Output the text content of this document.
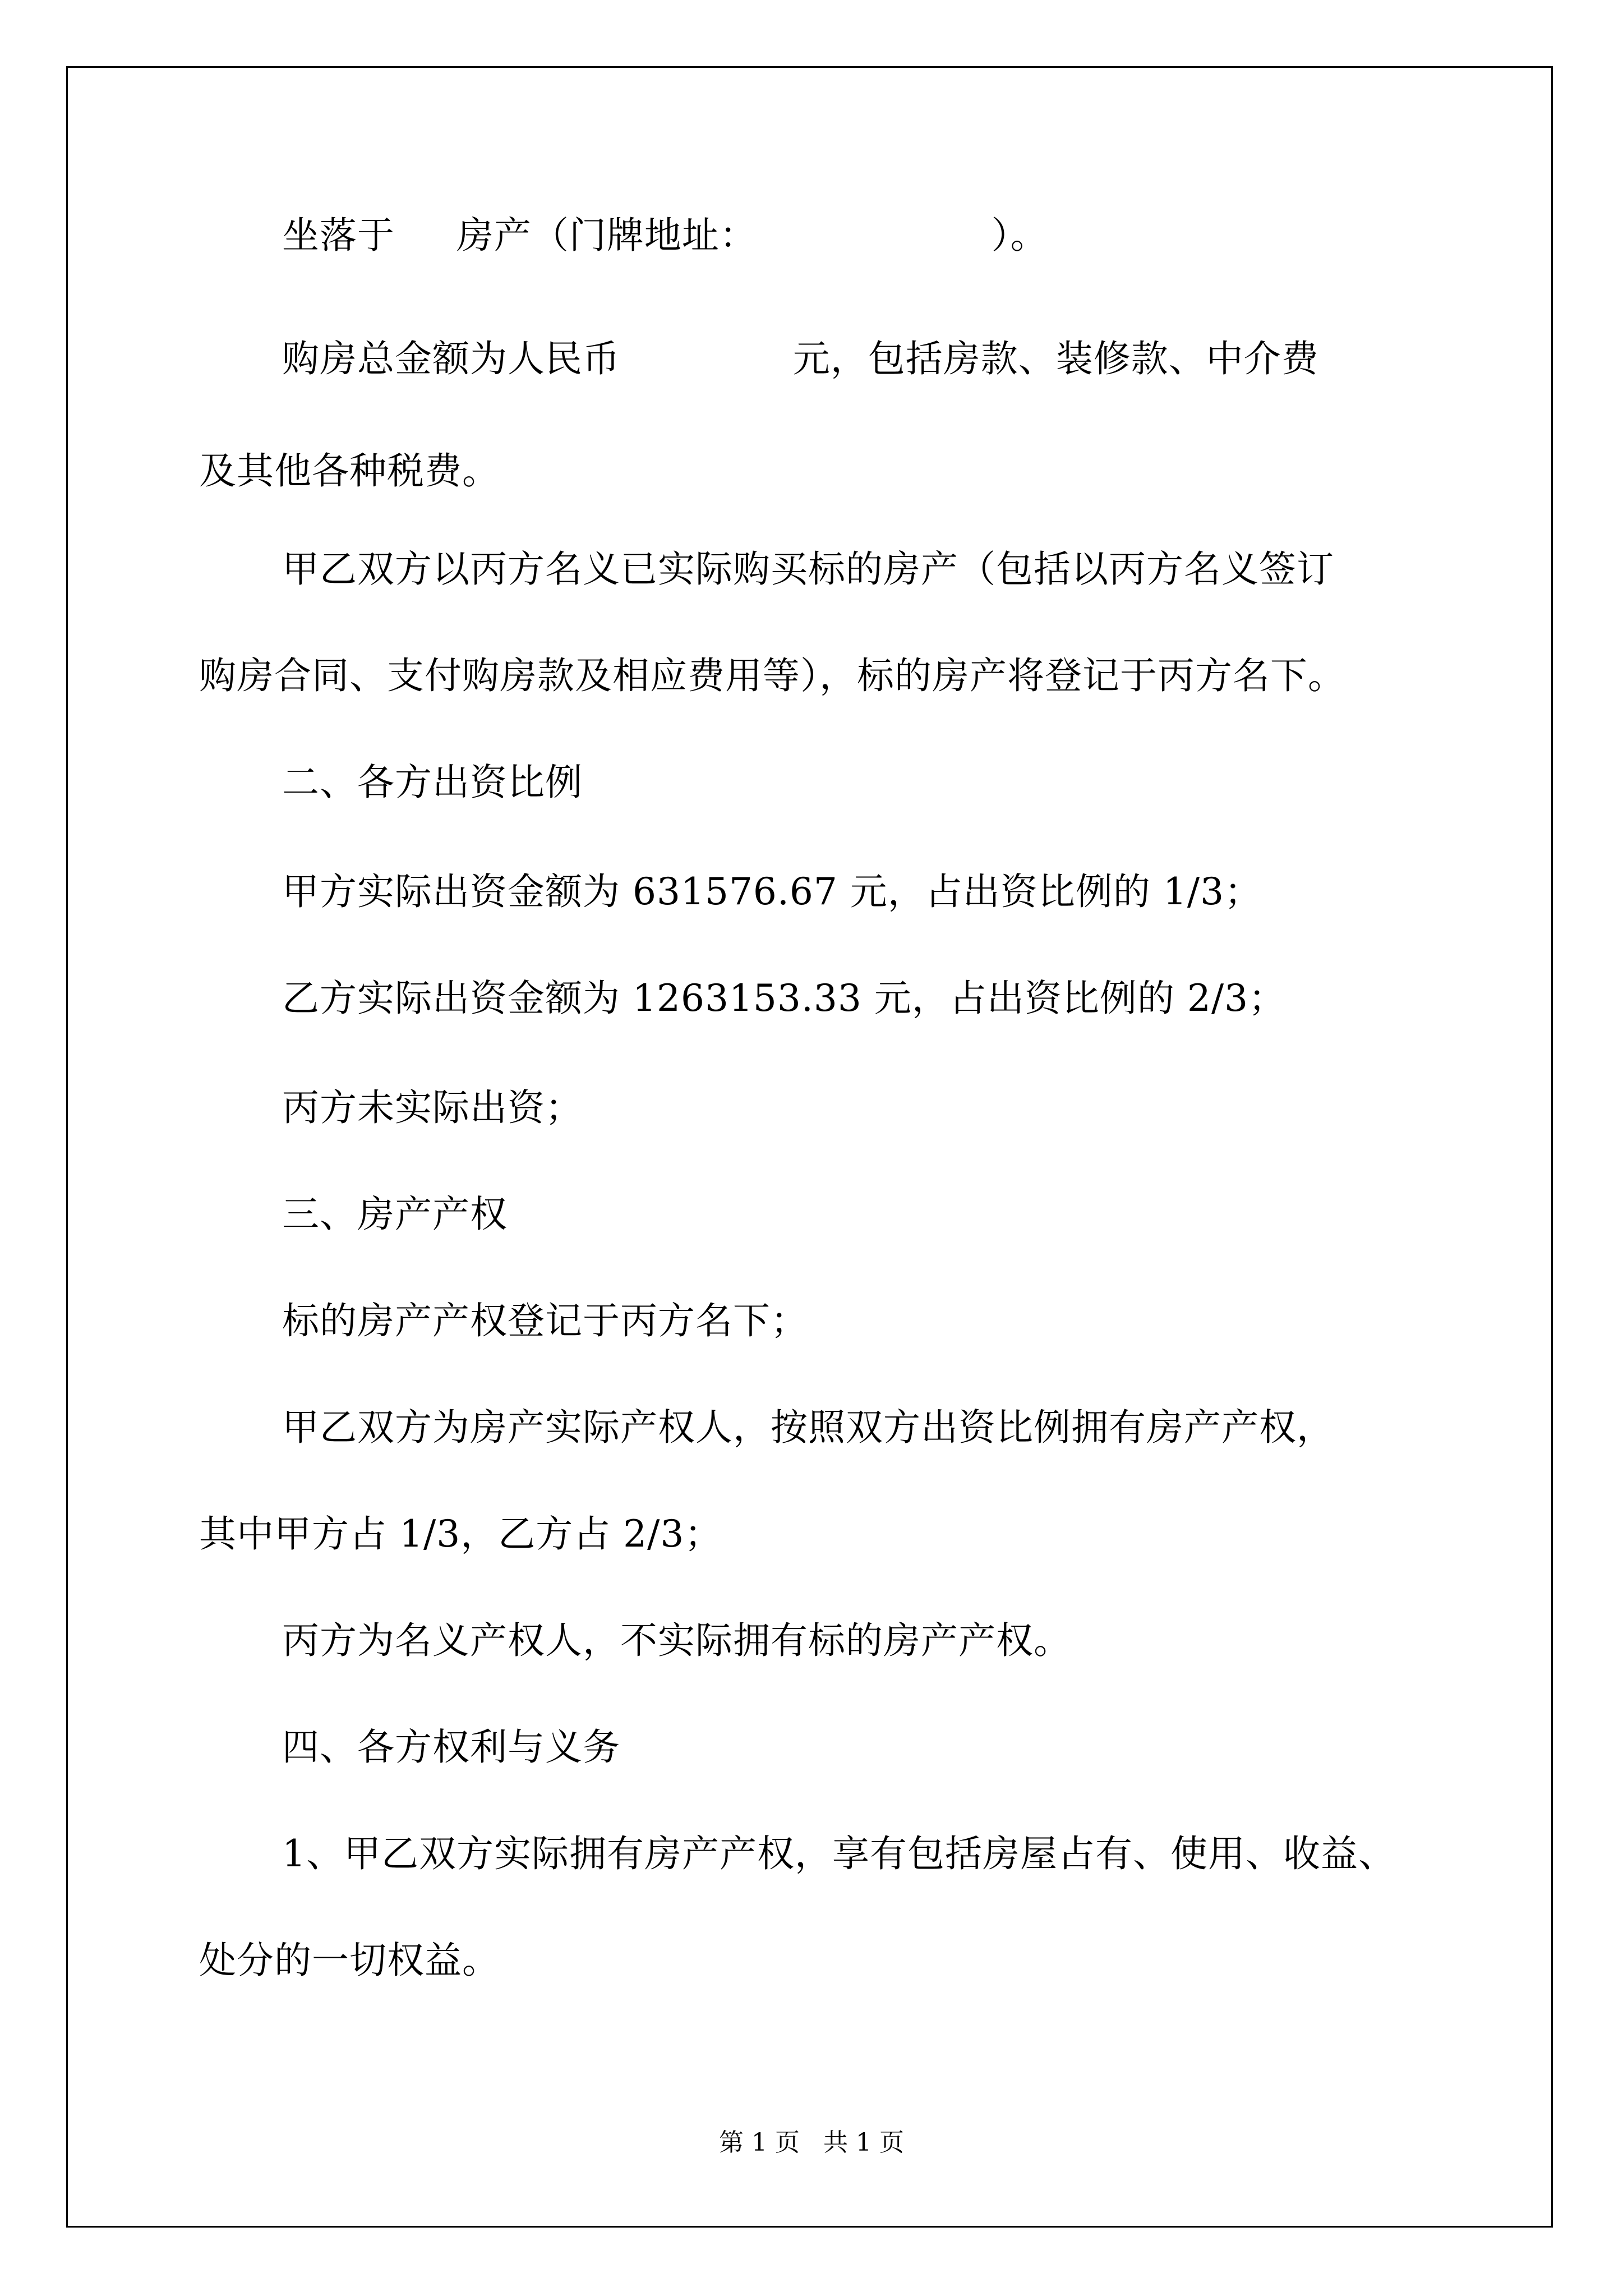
坐落于     房产（门牌地址：                   ）。
购房总金额为人民币              元，包括房款、装修款、中介费
及其他各种税费。
甲乙双方以丙方名义已实际购买标的房产（包括以丙方名义签订
购房合同、支付购房款及相应费用等），标的房产将登记于丙方名下。
二、各方出资比例
甲方实际出资金额为 631576.67 元，占出资比例的 1/3；
乙方实际出资金额为 1263153.33 元，占出资比例的 2/3；
丙方未实际出资；
三、房产产权
标的房产产权登记于丙方名下；
甲乙双方为房产实际产权人，按照双方出资比例拥有房产产权，
其中甲方占 1/3，乙方占 2/3；
丙方为名义产权人，不实际拥有标的房产产权。
四、各方权利与义务
1、甲乙双方实际拥有房产产权，享有包括房屋占有、使用、收益、
处分的一切权益。
第 1 页   共 1 页
